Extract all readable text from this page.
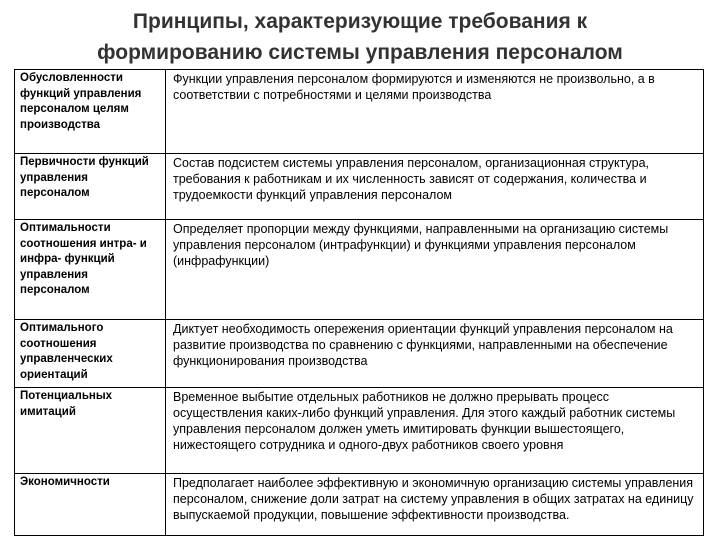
Принципы, характеризующие требования к
формированию системы управления персоналом
Обусловленности функций управления персоналом целям производства	Функции управления персоналом формируются и изменяются не произвольно, а в соответствии с потребностями и целями производства
Первичности функций управления персоналом	Состав подсистем системы управления персоналом, организационная структура, требования к работникам и их численность зависят от содержания, количества и трудоемкости функций управления персоналом
Оптимальности соотношения интра- и инфра- функций управления персоналом	Определяет пропорции между функциями, направленными на организацию системы управления персоналом (интрафункции) и функциями управления персоналом (инфрафункции)
Оптимального соотношения управленческих ориентаций	Диктует необходимость опережения ориентации функций управления персоналом на развитие производства по сравнению с функциями, направленными на обеспечение функционирования производства
Потенциальных имитаций	Временное выбытие отдельных работников не должно прерывать процесс осуществления каких-либо функций управления. Для этого каждый работник системы управления персоналом должен уметь имитировать функции вышестоящего, нижестоящего сотрудника и одного-двух работников своего уровня
Экономичности	Предполагает наиболее эффективную и экономичную организацию системы управления персоналом, снижение доли затрат на систему управления в общих затратах на единицу выпускаемой продукции, повышение эффективности производства.
